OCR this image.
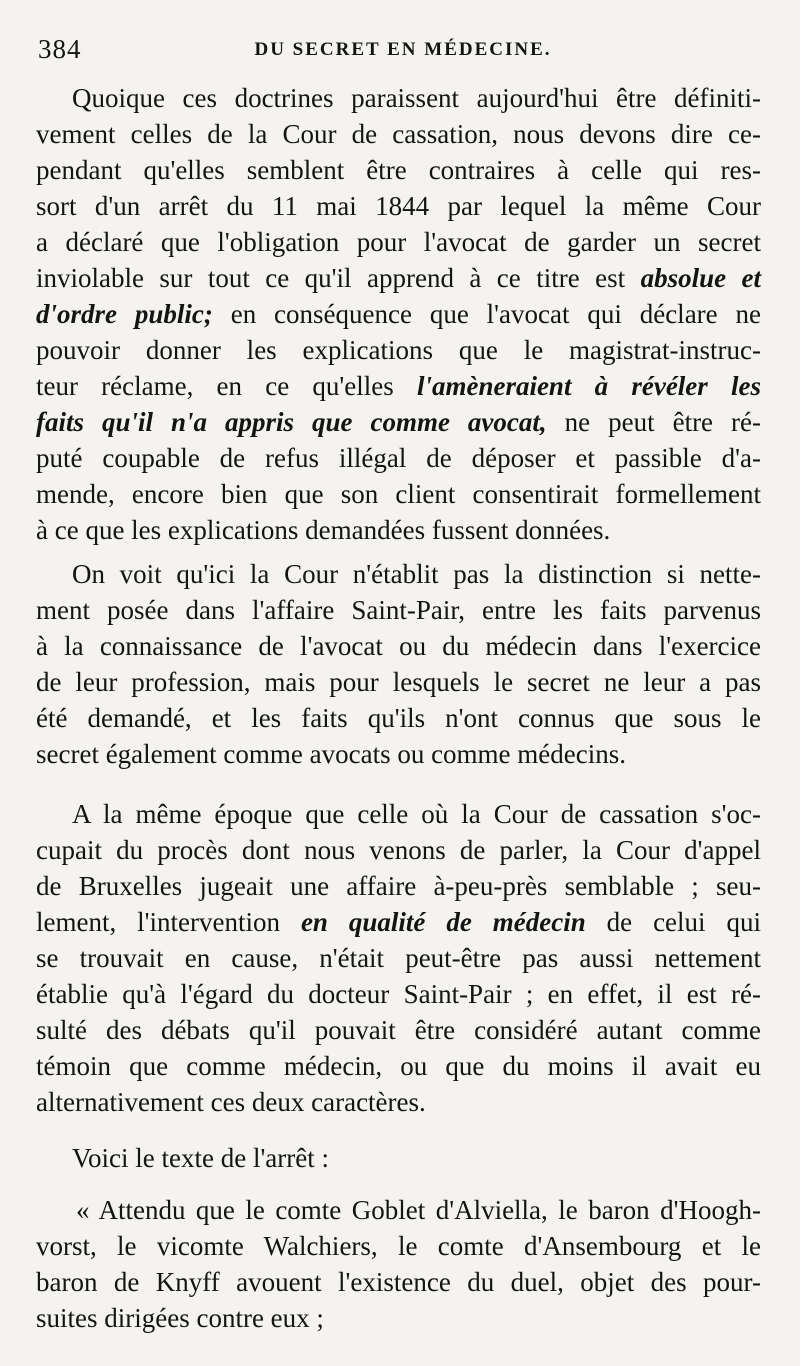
384	DU SECRET EN MÉDECINE.
Quoique ces doctrines paraissent aujourd'hui être définiti-
vement celles de la Cour de cassation, nous devons dire ce-
pendant qu'elles semblent être contraires à celle qui res-
sort d'un arrêt du 11 mai 1844 par lequel la même Cour
a déclaré que l'obligation pour l'avocat de garder un secret
inviolable sur tout ce qu'il apprend à ce titre est absolue et
d'ordre public; en conséquence que l'avocat qui déclare ne
pouvoir donner les explications que le magistrat-instruc-
teur réclame, en ce qu'elles l'amèneraient à révéler les
faits qu'il n'a appris que comme avocat, ne peut être ré-
puté coupable de refus illégal de déposer et passible d'a-
mende, encore bien que son client consentirait formellement
à ce que les explications demandées fussent données.
On voit qu'ici la Cour n'établit pas la distinction si nette-
ment posée dans l'affaire Saint-Pair, entre les faits parvenus
à la connaissance de l'avocat ou du médecin dans l'exercice
de leur profession, mais pour lesquels le secret ne leur a pas
été demandé, et les faits qu'ils n'ont connus que sous le
secret également comme avocats ou comme médecins.
A la même époque que celle où la Cour de cassation s'oc-
cupait du procès dont nous venons de parler, la Cour d'appel
de Bruxelles jugeait une affaire à-peu-près semblable ; seu-
lement, l'intervention en qualité de médecin de celui qui
se trouvait en cause, n'était peut-être pas aussi nettement
établie qu'à l'égard du docteur Saint-Pair ; en effet, il est ré-
sulté des débats qu'il pouvait être considéré autant comme
témoin que comme médecin, ou que du moins il avait eu
alternativement ces deux caractères.
Voici le texte de l'arrêt :
« Attendu que le comte Goblet d'Alviella, le baron d'Hoogh-
vorst, le vicomte Walchiers, le comte d'Ansembourg et le
baron de Knyff avouent l'existence du duel, objet des pour-
suites dirigées contre eux ;
